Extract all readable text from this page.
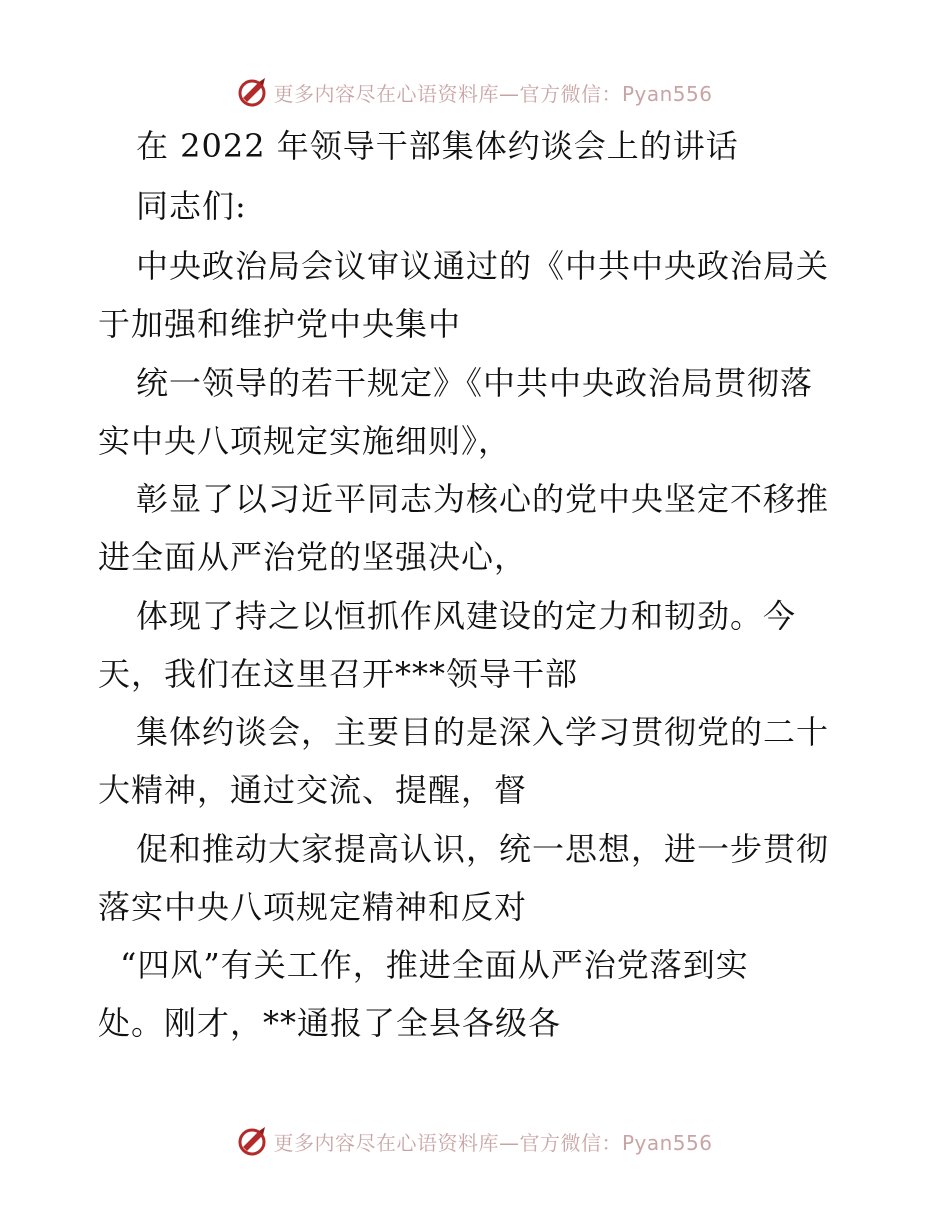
更多内容尽在心语资料库—官方微信：Pyan556
在 2022 年领导干部集体约谈会上的讲话
同志们:
中央政治局会议审议通过的《中共中央政治局关
于加强和维护党中央集中
统一领导的若干规定》《中共中央政治局贯彻落
实中央八项规定实施细则》，
彰显了以习近平同志为核心的党中央坚定不移推
进全面从严治党的坚强决心，
体现了持之以恒抓作风建设的定力和韧劲。今
天，我们在这里召开***领导干部
集体约谈会，主要目的是深入学习贯彻党的二十
大精神，通过交流、提醒，督
促和推动大家提高认识，统一思想，进一步贯彻
落实中央八项规定精神和反对
“四风”有关工作，推进全面从严治党落到实
处。刚才，**通报了全县各级各
更多内容尽在心语资料库—官方微信：Pyan556
